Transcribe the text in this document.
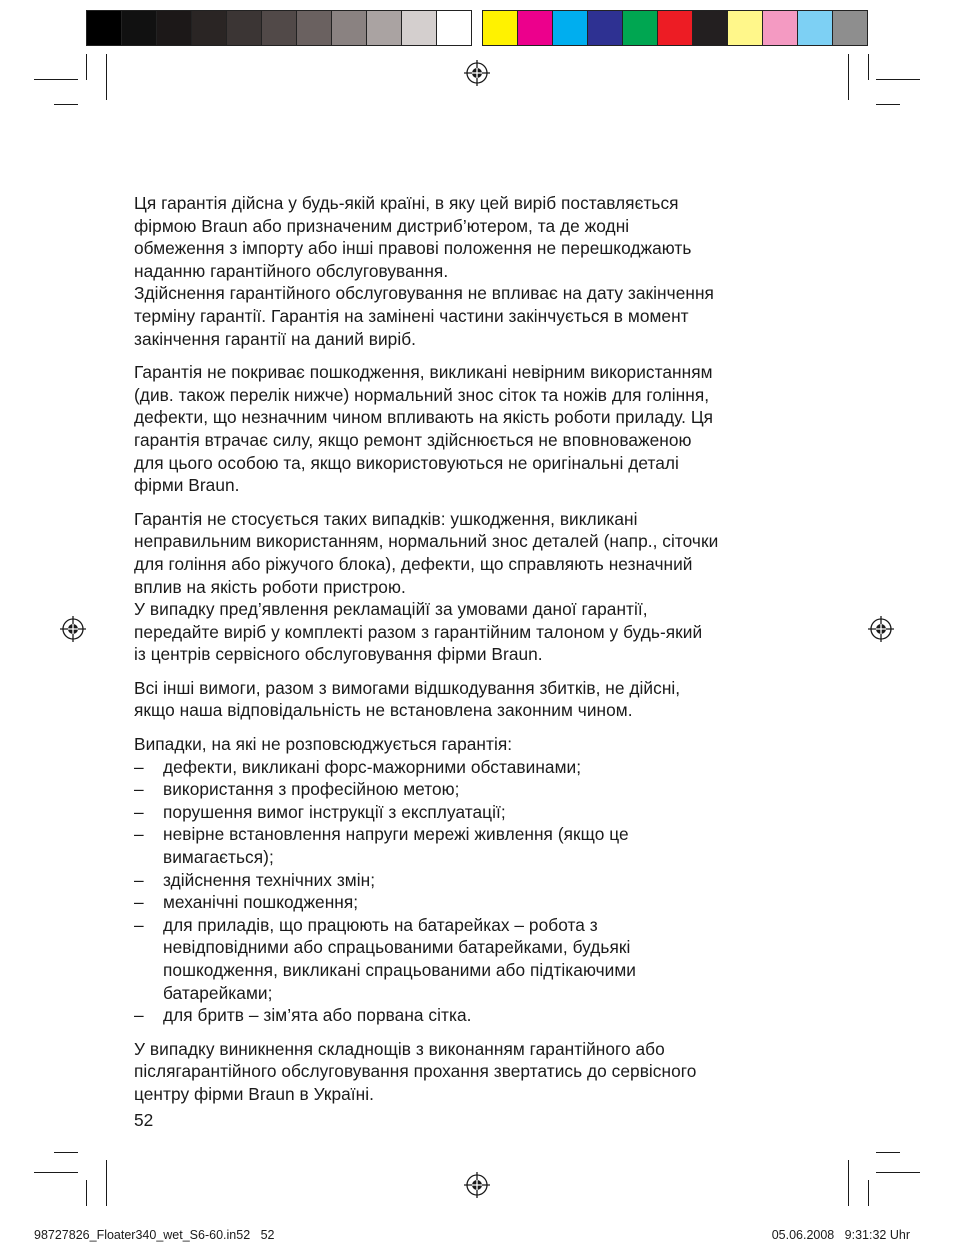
Ця гарантія дійсна у будь-якій країні, в яку цей виріб поставляється
фірмою Braun або призначеним дистриб’ютером, та де жодні
обмеження з імпорту або інші правові положення не перешкоджають
наданню гарантійного обслуговування.
Здійснення гарантійного обслуговування не впливає на дату закінчення
терміну гарантії. Гарантія на замінені частини закінчується в момент
закінчення гарантії на даний виріб.

Гарантія не покриває пошкодження, викликані невірним використанням
(див. також перелік нижче) нормальний знос сіток та ножів для гоління,
дефекти, що незначним чином впливають на якість роботи приладу. Ця
гарантія втрачає силу, якщо ремонт здійснюється не вповноваженою
для цього особою та, якщо використовуються не оригінальні деталі
фірми Braun.

Гарантія не стосується таких випадків: ушкодження, викликані
неправильним використанням, нормальний знос деталей (напр., сіточки
для гоління або ріжучого блока), дефекти, що справляють незначний
вплив на якість роботи пристрою.
У випадку пред’явлення рекламаційї за умовами даної гарантії,
передайте виріб у комплекті разом з гарантійним талоном у будь-який
із центрів сервісного обслуговування фірми Braun.

Всі інші вимоги, разом з вимогами відшкодування збитків, не дійсні,
якщо наша відповідальність не встановлена законним чином.

Випадки, на які не розповсюджується гарантія:

– дефекти, викликані форс-мажорними обставинами;
– використання з професійною метою;
– порушення вимог інструкції з експлуатації;
– невірне встановлення напруги мережі живлення (якщо це
вимагається);
– здійснення технічних змін;
– механічні пошкодження;
– для приладів, що працюють на батарейках – робота з
невідповідними або спрацьованими батарейками, будьякі
пошкодження, викликані спрацьованими або підтікаючими
батарейками;
– для бритв – зім’ята або порвана сітка.

У випадку виникнення складнощів з виконанням гарантійного або
післягарантійного обслуговування прохання звертатись до сервісного
центру фірми Braun в Україні.

52
98727826_Floater340_wet_S6-60.in52   52	05.06.2008   9:31:32 Uhr
